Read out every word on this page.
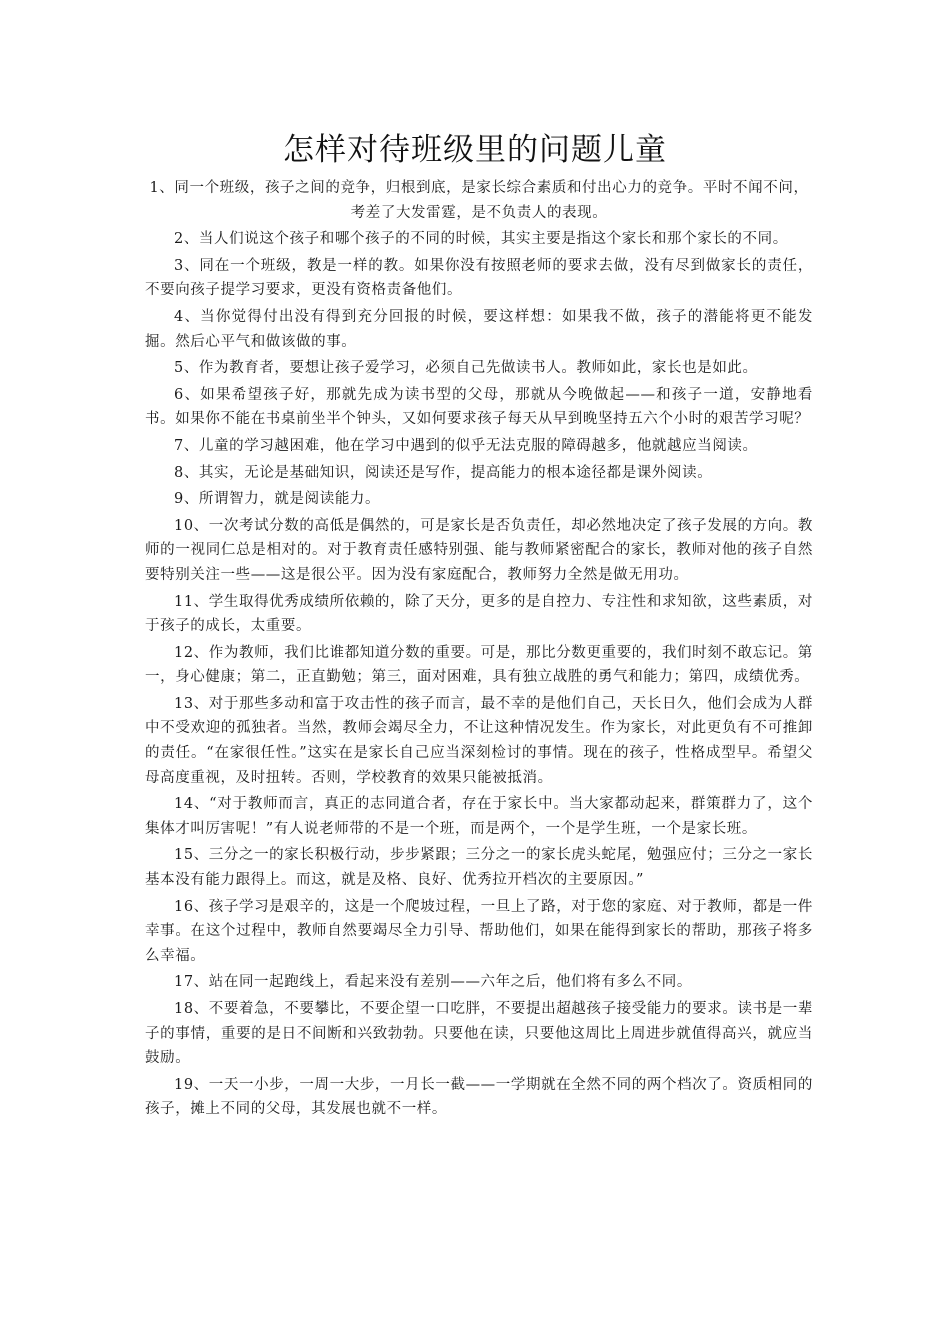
怎样对待班级里的问题儿童

1、同一个班级，孩子之间的竞争，归根到底，是家长综合素质和付出心力的竞争。平时不闻不问，考差了大发雷霆，是不负责人的表现。

2、当人们说这个孩子和哪个孩子的不同的时候，其实主要是指这个家长和那个家长的不同。

3、同在一个班级，教是一样的教。如果你没有按照老师的要求去做，没有尽到做家长的责任，不要向孩子提学习要求，更没有资格责备他们。

4、当你觉得付出没有得到充分回报的时候，要这样想：如果我不做，孩子的潜能将更不能发掘。然后心平气和做该做的事。

5、作为教育者，要想让孩子爱学习，必须自己先做读书人。教师如此，家长也是如此。

6、如果希望孩子好，那就先成为读书型的父母，那就从今晚做起——和孩子一道，安静地看书。如果你不能在书桌前坐半个钟头，又如何要求孩子每天从早到晚坚持五六个小时的艰苦学习呢？

7、儿童的学习越困难，他在学习中遇到的似乎无法克服的障碍越多，他就越应当阅读。

8、其实，无论是基础知识，阅读还是写作，提高能力的根本途径都是课外阅读。

9、所谓智力，就是阅读能力。

10、一次考试分数的高低是偶然的，可是家长是否负责任，却必然地决定了孩子发展的方向。教师的一视同仁总是相对的。对于教育责任感特别强、能与教师紧密配合的家长，教师对他的孩子自然要特别关注一些——这是很公平。因为没有家庭配合，教师努力全然是做无用功。

11、学生取得优秀成绩所依赖的，除了天分，更多的是自控力、专注性和求知欲，这些素质，对于孩子的成长，太重要。

12、作为教师，我们比谁都知道分数的重要。可是，那比分数更重要的，我们时刻不敢忘记。第一，身心健康；第二，正直勤勉；第三，面对困难，具有独立战胜的勇气和能力；第四，成绩优秀。

13、对于那些多动和富于攻击性的孩子而言，最不幸的是他们自己，天长日久，他们会成为人群中不受欢迎的孤独者。当然，教师会竭尽全力，不让这种情况发生。作为家长，对此更负有不可推卸的责任。“在家很任性。”这实在是家长自己应当深刻检讨的事情。现在的孩子，性格成型早。希望父母高度重视，及时扭转。否则，学校教育的效果只能被抵消。

14、“对于教师而言，真正的志同道合者，存在于家长中。当大家都动起来，群策群力了，这个集体才叫厉害呢！”有人说老师带的不是一个班，而是两个，一个是学生班，一个是家长班。

15、三分之一的家长积极行动，步步紧跟；三分之一的家长虎头蛇尾，勉强应付；三分之一家长基本没有能力跟得上。而这，就是及格、良好、优秀拉开档次的主要原因。”

16、孩子学习是艰辛的，这是一个爬坡过程，一旦上了路，对于您的家庭、对于教师，都是一件幸事。在这个过程中，教师自然要竭尽全力引导、帮助他们，如果在能得到家长的帮助，那孩子将多么幸福。

17、站在同一起跑线上，看起来没有差别——六年之后，他们将有多么不同。

18、不要着急，不要攀比，不要企望一口吃胖，不要提出超越孩子接受能力的要求。读书是一辈子的事情，重要的是日不间断和兴致勃勃。只要他在读，只要他这周比上周进步就值得高兴，就应当鼓励。

19、一天一小步，一周一大步，一月长一截——一学期就在全然不同的两个档次了。资质相同的孩子，摊上不同的父母，其发展也就不一样。
